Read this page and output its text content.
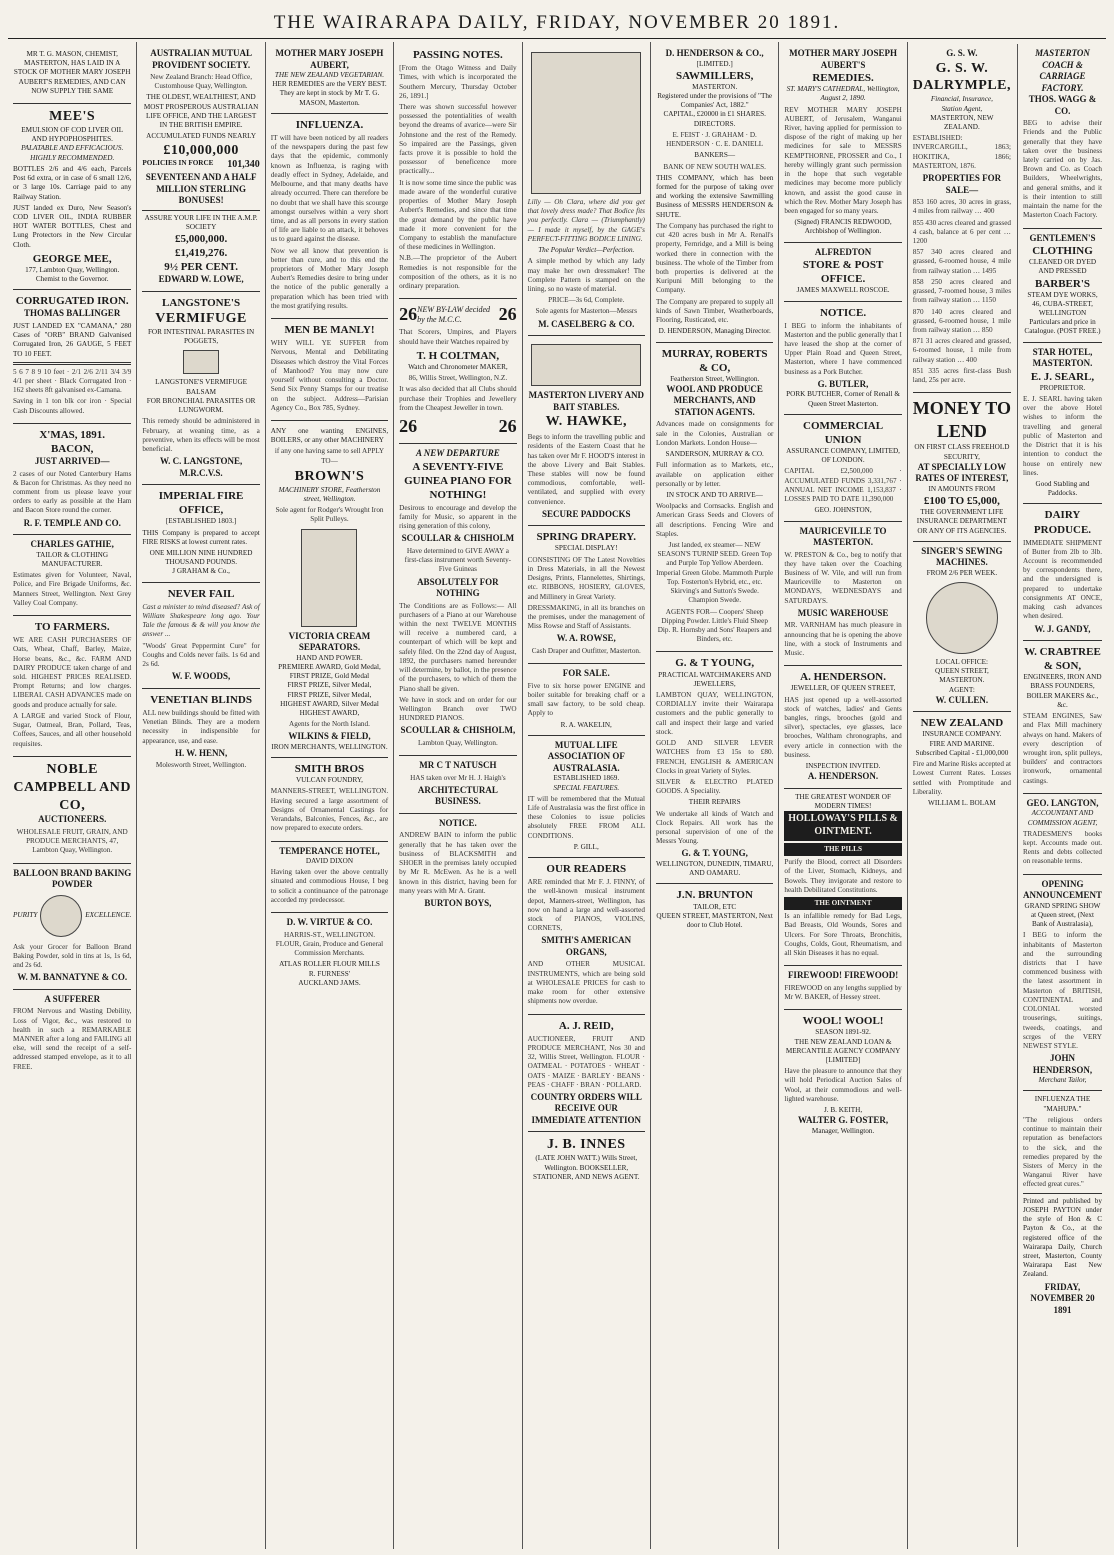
THE WAIRARAPA DAILY, FRIDAY, NOVEMBER 20 1891.

MR T. G. MASON, CHEMIST, MASTERTON, HAS LAID IN A STOCK OF MOTHER MARY JOSEPH AUBERT'S REMEDIES, AND CAN NOW SUPPLY THE SAME

MEE'S
EMULSION OF COD LIVER OIL AND HYPOPHOSPHITES.
PALATABLE AND EFFICACIOUS. HIGHLY RECOMMENDED.

BOTTLES 2/6 and 4/6 each, Parcels Post 6d extra, or in case of 6 small 12/6, or 3 large 10s. Carriage paid to any Railway Station.

JUST landed ex Duro, New Season's COD LIVER OIL, INDIA RUBBER HOT WATER BOTTLES, Chest and Lung Protectors in the New Circular Cloth.

GEORGE MEE,
177, Lambton Quay, Wellington. Chemist to the Governor.
CORRUGATED IRON.
THOMAS BALLINGER

JUST LANDED EX "CAMANA," 280 Cases of "ORB" BRAND Galvanised Corrugated Iron, 26 GAUGE, 5 FEET TO 10 FEET.

5 6 7 8 9 10 feet · 2/1 2/6 2/11 3/4 3/9 4/1 per sheet · Black Corrugated Iron · 162 sheets 8ft galvanised ex-Camana.

Saving in 1 ton blk cor iron · Special Cash Discounts allowed.

X'MAS, 1891.
BACON,
JUST ARRIVED—

2 cases of our Noted Canterbury Hams & Bacon for Christmas. As they need no comment from us please leave your orders to early as possible at the Ham and Bacon Store round the corner.

R. F. TEMPLE AND CO.
CHARLES GATHIE,
TAILOR & CLOTHING MANUFACTURER.

Estimates given for Volunteer, Naval, Police, and Fire Brigade Uniforms, &c. Manners Street, Wellington. Next Grey Valley Coal Company.

TO FARMERS.

WE ARE CASH PURCHASERS OF Oats, Wheat, Chaff, Barley, Maize, Horse beans, &c., &c. FARM AND DAIRY PRODUCE taken charge of and sold. HIGHEST PRICES REALISED. Prompt Returns; and low charges. LIBERAL CASH ADVANCES made on goods and produce actually for sale.

A LARGE and varied Stock of Flour, Sugar, Oatmeal, Bran, Pollard, Teas, Coffees, Sauces, and all other household requisites.

NOBLE CAMPBELL AND CO,
AUCTIONEERS.

WHOLESALE FRUIT, GRAIN, AND PRODUCE MERCHANTS, 47, Lambton Quay, Wellington.

BALLOON BRAND BAKING POWDER
PURITY	EXCELLENCE.

Ask your Grocer for Balloon Brand Baking Powder, sold in tins at 1s, 1s 6d, and 2s 6d.

W. M. BANNATYNE & CO.
A SUFFERER

FROM Nervous and Wasting Debility, Loss of Vigor, &c., was restored to health in such a REMARKABLE MANNER after a long and FAILING all else, will send the receipt of a self-addressed stamped envelope, as it to all FREE.

AUSTRALIAN MUTUAL PROVIDENT SOCIETY.

New Zealand Branch: Head Office, Customhouse Quay, Wellington.

THE OLDEST, WEALTHIEST, AND MOST PROSPEROUS AUSTRALIAN LIFE OFFICE, AND THE LARGEST IN THE BRITISH EMPIRE.

ACCUMULATED FUNDS NEARLY
£10,000,000
POLICIES IN FORCE 101,340
SEVENTEEN AND A HALF MILLION STERLING BONUSES!
ASSURE YOUR LIFE IN THE A.M.P. SOCIETY
£5,000,000.
£1,419,276.
9½ PER CENT.
EDWARD W. LOWE,
LANGSTONE'S
VERMIFUGE
FOR INTESTINAL PARASITES IN POGGETS,
LANGSTONE'S VERMIFUGE BALSAM
FOR BRONCHIAL PARASITES OR LUNGWORM.

This remedy should be administered in February, at weaning time, as a preventive, when its effects will be most beneficial.

W. C. LANGSTONE, M.R.C.V.S.
IMPERIAL FIRE OFFICE,
[ESTABLISHED 1803.]

THIS Company is prepared to accept FIRE RISKS at lowest current rates.

ONE MILLION NINE HUNDRED THOUSAND POUNDS.
J GRAHAM & Co.,
NEVER FAIL

Cast a minister to mind diseased? Ask of William Shakespeare long ago. Your Tale the famous & & will you know the answer ...

"Woods' Great Peppermint Cure" for Coughs and Colds never fails. 1s 6d and 2s 6d.

W. F. WOODS,
VENETIAN BLINDS

ALL new buildings should be fitted with Venetian Blinds. They are a modern necessity in indispensible for appearance, use, and ease.

H. W. HENN,

Molesworth Street, Wellington.

MOTHER MARY JOSEPH AUBERT,
THE NEW ZEALAND VEGETARIAN.
HER REMEDIES are the VERY BEST.
They are kept in stock by Mr T. G. MASON, Masterton.
INFLUENZA.

IT will have been noticed by all readers of the newspapers during the past few days that the epidemic, commonly known as Influenza, is raging with deadly effect in Sydney, Adelaide, and Melbourne, and that many deaths have already occurred. There can therefore be no doubt that we shall have this scourge amongst ourselves within a very short time, and as all persons in every station of life are liable to an attack, it behoves us to guard against the disease.

Now we all know that prevention is better than cure, and to this end the proprietors of Mother Mary Joseph Aubert's Remedies desire to bring under the notice of the public generally a preparation which has been tried with the most gratifying results.

MEN BE MANLY!

WHY WILL YE SUFFER from Nervous, Mental and Debilitating Diseases which destroy the Vital Forces of Manhood? You may now cure yourself without consulting a Doctor. Send Six Penny Stamps for our treatise on the subject. Address—Parisian Agency Co., Box 785, Sydney.

ANY one wanting ENGINES, BOILERS, or any other MACHINERY

if any one having same to sell APPLY TO—

BROWN'S
MACHINERY STORE, Featherston street, Wellington.

Sole agent for Rodger's Wrought Iron Split Pulleys.

VICTORIA CREAM SEPARATORS.
HAND AND POWER.
PREMIERE AWARD, Gold Medal,
FIRST PRIZE, Gold Medal
FIRST PRIZE, Silver Medal,
FIRST PRIZE, Silver Medal,
HIGHEST AWARD, Silver Medal
HIGHEST AWARD,

Agents for the North Island.

WILKINS & FIELD,
IRON MERCHANTS, WELLINGTON.
SMITH BROS
VULCAN FOUNDRY,

MANNERS-STREET, WELLINGTON. Having secured a large assortment of Designs of Ornamental Castings for Verandahs, Balconies, Fences, &c., are now prepared to execute orders.

TEMPERANCE HOTEL,
DAVID DIXON

Having taken over the above centrally situated and commodious House, I beg to solicit a continuance of the patronage accorded my predecessor.

D. W. VIRTUE & CO.

HARRIS-ST., WELLINGTON. FLOUR, Grain, Produce and General Commission Merchants.

ATLAS ROLLER FLOUR MILLS
R. FURNESS'
AUCKLAND JAMS.
PASSING NOTES.

[From the Otago Witness and Daily Times, with which is incorporated the Southern Mercury, Thursday October 26, 1891.]

There was shown successful however possessed the potentialities of wealth beyond the dreams of avarice—were Sir Johnstone and the rest of the Remedy. So impaired are the Passings, given facts prove it is possible to hold the possessor of beneficence more practically...

It is now some time since the public was made aware of the wonderful curative properties of Mother Mary Joseph Aubert's Remedies, and since that time the great demand by the public have made it more convenient for the Company to establish the manufacture of these medicines in Wellington.

N.B.—The proprietor of the Aubert Remedies is not responsible for the composition of the others, as it is no ordinary preparation.

26 NEW BY-LAW decided by the M.C.C.	26

That Scorers, Umpires, and Players should have their Watches repaired by

T. H COLTMAN,
Watch and Chronometer MAKER,

86, Willis Street, Wellington, N.Z.

It was also decided that all Clubs should purchase their Trophies and Jewellery from the Cheapest Jeweller in town.

26	26
A NEW DEPARTURE
A SEVENTY-FIVE GUINEA PIANO FOR NOTHING!

Desirous to encourage and develop the family for Music, so apparent in the rising generation of this colony,

SCOULLAR & CHISHOLM

Have determined to GIVE AWAY a first-class instrument worth Seventy-Five Guineas

ABSOLUTELY FOR NOTHING

The Conditions are as Follows:— All purchasers of a Piano at our Warehouse within the next TWELVE MONTHS will receive a numbered card, a counterpart of which will be kept and safely filed. On the 22nd day of August, 1892, the purchasers named hereunder will determine, by ballot, in the presence of the purchasers, to which of them the Piano shall be given.

We have in stock and on order for our Wellington Branch over TWO HUNDRED PIANOS.

SCOULLAR & CHISHOLM,

Lambton Quay, Wellington.

MR C T NATUSCH

HAS taken over Mr H. J. Haigh's

ARCHITECTURAL BUSINESS.
NOTICE.

ANDREW BAIN to inform the public generally that he has taken over the business of BLACKSMITH and SHOER in the premises lately occupied by Mr R. McEwen. As he is a well known in this district, having been for many years with Mr A. Grant.

BURTON BOYS,

Lilly — Oh Clara, where did you get that lovely dress made? That Bodice fits you perfectly. Clara — (Triumphantly) — I made it myself, by the GAGE's PERFECT-FITTING BODICE LINING.

The Popular Verdict—Perfection.

A simple method by which any lady may make her own dressmaker! The Complete Pattern is stamped on the lining, so no waste of material.

PRICE—3s 6d, Complete.

Sole agents for Masterton—Messrs

M. CASELBERG & CO.
MASTERTON LIVERY AND BAIT STABLES.
W. HAWKE,

Begs to inform the travelling public and residents of the Eastern Coast that he has taken over Mr F. HOOD'S interest in the above Livery and Bait Stables. These stables will now be found commodious, comfortable, well-ventilated, and supplied with every convenience.

SECURE PADDOCKS
SPRING DRAPERY.
SPECIAL DISPLAY!

CONSISTING OF The Latest Novelties in Dress Materials, in all the Newest Designs, Prints, Flannelettes, Shirtings, etc. RIBBONS, HOSIERY, GLOVES, and Millinery in Great Variety.

DRESSMAKING, in all its branches on the premises, under the management of Miss Rowse and Staff of Assistants.

W. A. ROWSE,

Cash Draper and Outfitter, Masterton.

FOR SALE.

Five to six horse power ENGINE and boiler suitable for breaking chaff or a small saw factory, to be sold cheap. Apply to

R. A. WAKELIN,
MUTUAL LIFE ASSOCIATION OF AUSTRALASIA.
ESTABLISHED 1869.
SPECIAL FEATURES.

IT will be remembered that the Mutual Life of Australasia was the first office in these Colonies to issue policies absolutely FREE FROM ALL CONDITIONS.

P. GILL,
OUR READERS

ARE reminded that Mr F. J. FINNY, of the well-known musical instrument depot, Manners-street, Wellington, has now on hand a large and well-assorted stock of PIANOS, VIOLINS, CORNETS,

SMITH'S AMERICAN ORGANS,

AND OTHER MUSICAL INSTRUMENTS, which are being sold at WHOLESALE PRICES for cash to make room for other extensive shipments now overdue.

A. J. REID,

AUCTIONEER, FRUIT AND PRODUCE MERCHANT, Nos 30 and 32, Willis Street, Wellington. FLOUR · OATMEAL · POTATOES · WHEAT · OATS · MAIZE · BARLEY · BEANS · PEAS · CHAFF · BRAN · POLLARD.

COUNTRY ORDERS WILL RECEIVE OUR IMMEDIATE ATTENTION
J. B. INNES
(LATE JOHN WATT.) Wills Street, Wellington. BOOKSELLER, STATIONER, AND NEWS AGENT.
D. HENDERSON & CO.,
[LIMITED.]
SAWMILLERS,
MASTERTON.
Registered under the provisions of "The Companies' Act, 1882."
CAPITAL, £20000 in £1 SHARES.
DIRECTORS.

E. FEIST · J. GRAHAM · D. HENDERSON · C. E. DANIELL

BANKERS—

BANK OF NEW SOUTH WALES.

THIS COMPANY, which has been formed for the purpose of taking over and working the extensive Sawmilling Business of MESSRS HENDERSON & SHUTE.

The Company has purchased the right to cut 420 acres bush in Mr A. Renall's property, Fernridge, and a Mill is being worked there in connection with the business. The whole of the Timber from both properties is delivered at the Kuripuni Mill belonging to the Company.

The Company are prepared to supply all kinds of Sawn Timber, Weatherboards, Flooring, Rusticated, etc.

D. HENDERSON, Managing Director.
MURRAY, ROBERTS & CO,
Featherston Street, Wellington.
WOOL AND PRODUCE MERCHANTS, AND STATION AGENTS.

Advances made on consignments for sale in the Colonies, Australian or London Markets. London House—

SANDERSON, MURRAY & CO.

Full information as to Markets, etc., available on application either personally or by letter.

IN STOCK AND TO ARRIVE—

Woolpacks and Cornsacks. English and American Grass Seeds and Clovers of all descriptions. Fencing Wire and Staples.

Just landed, ex steamer— NEW SEASON'S TURNIP SEED. Green Top and Purple Top Yellow Aberdeen. Imperial Green Globe. Mammoth Purple Top. Fosterton's Hybrid, etc., etc. Skirving's and Sutton's Swede. Champion Swede.

AGENTS FOR— Coopers' Sheep Dipping Powder. Little's Fluid Sheep Dip. R. Hornsby and Sons' Reapers and Binders, etc.

G. & T YOUNG,
PRACTICAL WATCHMAKERS AND JEWELLERS,

LAMBTON QUAY, WELLINGTON, CORDIALLY invite their Wairarapa customers and the public generally to call and inspect their large and varied stock.

GOLD AND SILVER LEVER WATCHES from £3 15s to £80. FRENCH, ENGLISH & AMERICAN Clocks in great Variety of Styles.

SILVER & ELECTRO PLATED GOODS. A Speciality.

THEIR REPAIRS

We undertake all kinds of Watch and Clock Repairs. All work has the personal supervision of one of the Messrs Young.

G. & T. YOUNG,
WELLINGTON, DUNEDIN, TIMARU, AND OAMARU.
J.N. BRUNTON
TAILOR, ETC
QUEEN STREET, MASTERTON, Next door to Club Hotel.
MOTHER MARY JOSEPH AUBERT'S
REMEDIES.
ST. MARY'S CATHEDRAL, Wellington, August 2, 1890.

REV MOTHER MARY JOSEPH AUBERT, of Jerusalem, Wanganui River, having applied for permission to dispose of the right of making up her medicines for sale to MESSRS KEMPTHORNE, PROSSER and Co., I hereby willingly grant such permission in the hope that such vegetable medicines may become more publicly known, and assist the good cause in which the Rev. Mother Mary Joseph has been engaged for so many years.

(Signed) FRANCIS REDWOOD, Archbishop of Wellington.
ALFREDTON
STORE & POST OFFICE.
JAMES MAXWELL ROSCOE.
NOTICE.

I BEG to inform the inhabitants of Masterton and the public generally that I have leased the shop at the corner of Upper Plain Road and Queen Street, Masterton, where I have commenced business as a Pork Butcher.

G. BUTLER,
PORK BUTCHER, Corner of Renall & Queen Street Masterton.
COMMERCIAL UNION
ASSURANCE COMPANY, LIMITED, OF LONDON.

CAPITAL £2,500,000 · ACCUMULATED FUNDS 3,331,767 · ANNUAL NET INCOME 1,153,837 · LOSSES PAID TO DATE 11,390,000

GEO. JOHNSTON,
MAURICEVILLE TO MASTERTON.

W. PRESTON & Co., beg to notify that they have taken over the Coaching Business of W. Vile, and will run from Mauriceville to Masterton on MONDAYS, WEDNESDAYS and SATURDAYS.

MUSIC WAREHOUSE

MR. VARNHAM has much pleasure in announcing that he is opening the above line, with a stock of Instruments and Music.

A. HENDERSON.
JEWELLER, OF QUEEN STREET,

HAS just opened up a well-assorted stock of watches, ladies' and Gents bangles, rings, brooches (gold and silver), spectacles, eye glasses, lace brooches, Waltham chronographs, and every article in connection with the business.

INSPECTION INVITED.
A. HENDERSON.
THE GREATEST WONDER OF MODERN TIMES!
HOLLOWAY'S PILLS & OINTMENT.
THE PILLS

Purify the Blood, correct all Disorders of the Liver, Stomach, Kidneys, and Bowels. They invigorate and restore to health Debilitated Constitutions.

THE OINTMENT

Is an infallible remedy for Bad Legs, Bad Breasts, Old Wounds, Sores and Ulcers. For Sore Throats, Bronchitis, Coughs, Colds, Gout, Rheumatism, and all Skin Diseases it has no equal.

FIREWOOD! FIREWOOD!

FIREWOOD on any lengths supplied by Mr W. BAKER, of Hessey street.

WOOL! WOOL!
SEASON 1891-92.
THE NEW ZEALAND LOAN & MERCANTILE AGENCY COMPANY [LIMITED]

Have the pleasure to announce that they will hold Periodical Auction Sales of Wool, at their commodious and well-lighted warehouse.

J. B. KEITH,
WALTER G. FOSTER,
Manager, Wellington.
G. S. W.
G. S. W. DALRYMPLE,
Financial, Insurance,
Station Agent,
MASTERTON, NEW ZEALAND.

ESTABLISHED: INVERCARGILL, 1863; HOKITIKA, 1866; MASTERTON, 1876.

PROPERTIES FOR SALE—

853 160 acres, 30 acres in grass, 4 miles from railway … 400

855 430 acres cleared and grassed 4 cash, balance at 6 per cent … 1200

857 340 acres cleared and grassed, 6-roomed house, 4 mile from railway station … 1495

858 250 acres cleared and grassed, 7-roomed house, 3 miles from railway station … 1150

870 140 acres cleared and grassed, 6-roomed house, 1 mile from railway station … 850

871 31 acres cleared and grassed, 6-roomed house, 1 mile from railway station … 400

851 335 acres first-class Bush land, 25s per acre.

MONEY TO LEND
ON FIRST CLASS FREEHOLD SECURITY,
AT SPECIALLY LOW RATES OF INTEREST,
IN AMOUNTS FROM
£100 TO £5,000,
THE GOVERNMENT LIFE INSURANCE DEPARTMENT
OR ANY OF ITS AGENCIES.
SINGER'S SEWING
MACHINES.
FROM 2/6 PER WEEK.
LOCAL OFFICE:
QUEEN STREET, MASTERTON.
AGENT:
W. CULLEN.
NEW ZEALAND
INSURANCE COMPANY.
FIRE AND MARINE.
Subscribed Capital - £1,000,000

Fire and Marine Risks accepted at Lowest Current Rates. Losses settled with Promptitude and Liberality.

WILLIAM L. BOLAM
MASTERTON COACH & CARRIAGE FACTORY.
THOS. WAGG & CO.

BEG to advise their Friends and the Public generally that they have taken over the business lately carried on by Jas. Brown and Co. as Coach Builders, Wheelwrights, and general smiths, and it is their intention to still maintain the name for the Masterton Coach Factory.

GENTLEMEN'S
CLOTHING
CLEANED OR DYED AND PRESSED
BARBER'S
STEAM DYE WORKS,
46, CUBA-STREET,
WELLINGTON
Particulars and price in Catalogue. (POST FREE.)
STAR HOTEL, MASTERTON.
E. J. SEARL,
PROPRIETOR.

E. J. SEARL having taken over the above Hotel wishes to inform the travelling and general public of Masterton and the District that it is his intention to conduct the house on entirely new lines.

Good Stabling and Paddocks.
DAIRY PRODUCE.

IMMEDIATE SHIPMENT of Butter from 2lb to 3lb. Account is recommended by correspondents there, and the undersigned is prepared to undertake consignments AT ONCE, making cash advances when desired.

W. J. GANDY,
W. CRABTREE & SON,
ENGINEERS, IRON AND BRASS FOUNDERS, BOILER MAKERS &c., &c.

STEAM ENGINES, Saw and Flax Mill machinery always on hand. Makers of every description of wrought iron, split pulleys, builders' and contractors ironwork, ornamental castings.

GEO. LANGTON,
ACCOUNTANT AND COMMISSION AGENT,

TRADESMEN'S books kept. Accounts made out. Rents and debts collected on reasonable terms.

OPENING ANNOUNCEMENT
GRAND SPRING SHOW at Queen street, (Next Bank of Australasia),

I BEG to inform the inhabitants of Masterton and the surrounding districts that I have commenced business with the latest assortment in Masterton of BRITISH, CONTINENTAL and COLONIAL worsted trouserings, suitings, tweeds, coatings, and scrges of the VERY NEWEST STYLE.

JOHN HENDERSON,
Merchant Tailor,
INFLUENZA THE "MAHUPA."

"The religious orders continue to maintain their reputation as benefactors to the sick, and the remedies prepared by the Sisters of Mercy in the Wanganui River have effected great cures."

Printed and published by JOSEPH PAYTON under the style of Hon & C Payton & Co., at the registered office of the Wairarapa Daily, Church street, Masterton, County Wairarapa East New Zealand.

FRIDAY, NOVEMBER 20 1891
